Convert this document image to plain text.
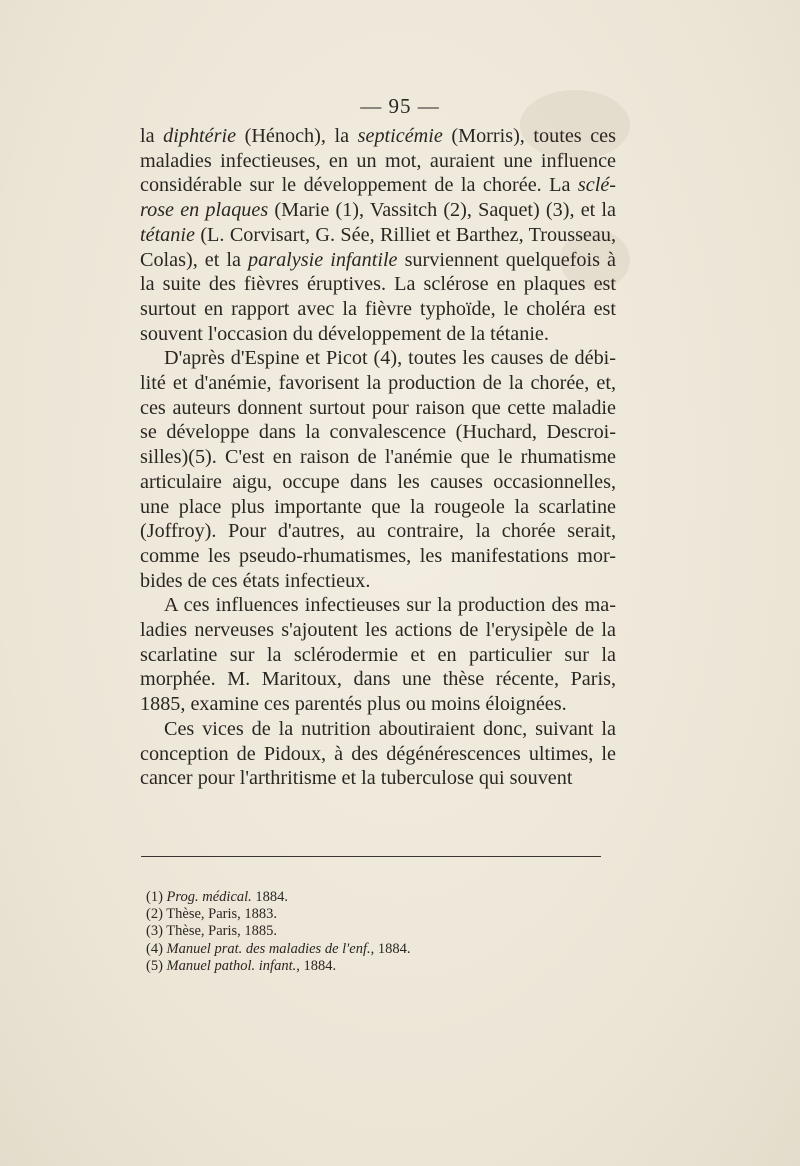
— 95 —

la diphtérie (Hénoch), la septicémie (Morris), toutes ces maladies infectieuses, en un mot, auraient une influence considérable sur le développement de la chorée. La sclé-rose en plaques (Marie (1), Vassitch (2), Saquet) (3), et la tétanie (L. Corvisart, G. Sée, Rilliet et Barthez, Trousseau, Colas), et la paralysie infantile surviennent quelquefois à la suite des fièvres éruptives. La sclérose en plaques est surtout en rapport avec la fièvre typhoïde, le choléra est souvent l'occasion du développement de la tétanie.

D'après d'Espine et Picot (4), toutes les causes de débi-lité et d'anémie, favorisent la production de la chorée, et, ces auteurs donnent surtout pour raison que cette maladie se développe dans la convalescence (Huchard, Descroi-silles)(5). C'est en raison de l'anémie que le rhumatisme articulaire aigu, occupe dans les causes occasionnelles, une place plus importante que la rougeole la scarlatine (Joffroy). Pour d'autres, au contraire, la chorée serait, comme les pseudo-rhumatismes, les manifestations mor-bides de ces états infectieux.

A ces influences infectieuses sur la production des ma-ladies nerveuses s'ajoutent les actions de l'erysipèle de la scarlatine sur la sclérodermie et en particulier sur la morphée. M. Maritoux, dans une thèse récente, Paris, 1885, examine ces parentés plus ou moins éloignées.

Ces vices de la nutrition aboutiraient donc, suivant la conception de Pidoux, à des dégénérescences ultimes, le cancer pour l'arthritisme et la tuberculose qui souvent

(1) Prog. médical. 1884.
(2) Thèse, Paris, 1883.
(3) Thèse, Paris, 1885.
(4) Manuel prat. des maladies de l'enf., 1884.
(5) Manuel pathol. infant., 1884.
